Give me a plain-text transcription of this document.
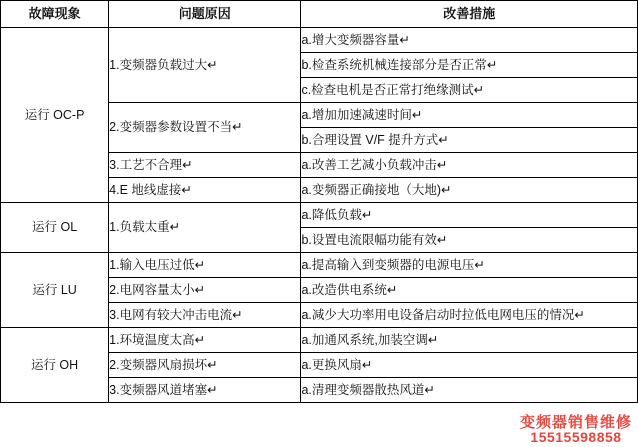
故障现象	问题原因	改善措施
运行 OC-P	1.变频器负载过大↵	a.增大变频器容量↵
		b.检查系统机械连接部分是否正常↵
		c.检查电机是否正常打绝缘测试↵
	2.变频器参数设置不当↵	a.增加加速减速时间↵
		b.合理设置 V/F 提升方式↵
	3.工艺不合理↵	a.改善工艺减小负载冲击↵
	4.E 地线虚接↵	a.变频器正确接地（大地)↵

运行 OL	1.负载太重↵	a.降低负载↵
		b.设置电流限幅功能有效↵
运行 LU	1.输入电压过低↵	a.提高输入到变频器的电源电压↵
	2.电网容量太小↵	a.改造供电系统↵
	3.电网有较大冲击电流↵	a.减少大功率用电设备启动时拉低电网电压的情况↵
运行 OH	1.环境温度太高↵	a.加通风系统,加装空调↵
	2.变频器风扇损坏↵	a.更换风扇↵
	3.变频器风道堵塞↵	a.清理变频器散热风道↵
变频器销售维修
15515598858
